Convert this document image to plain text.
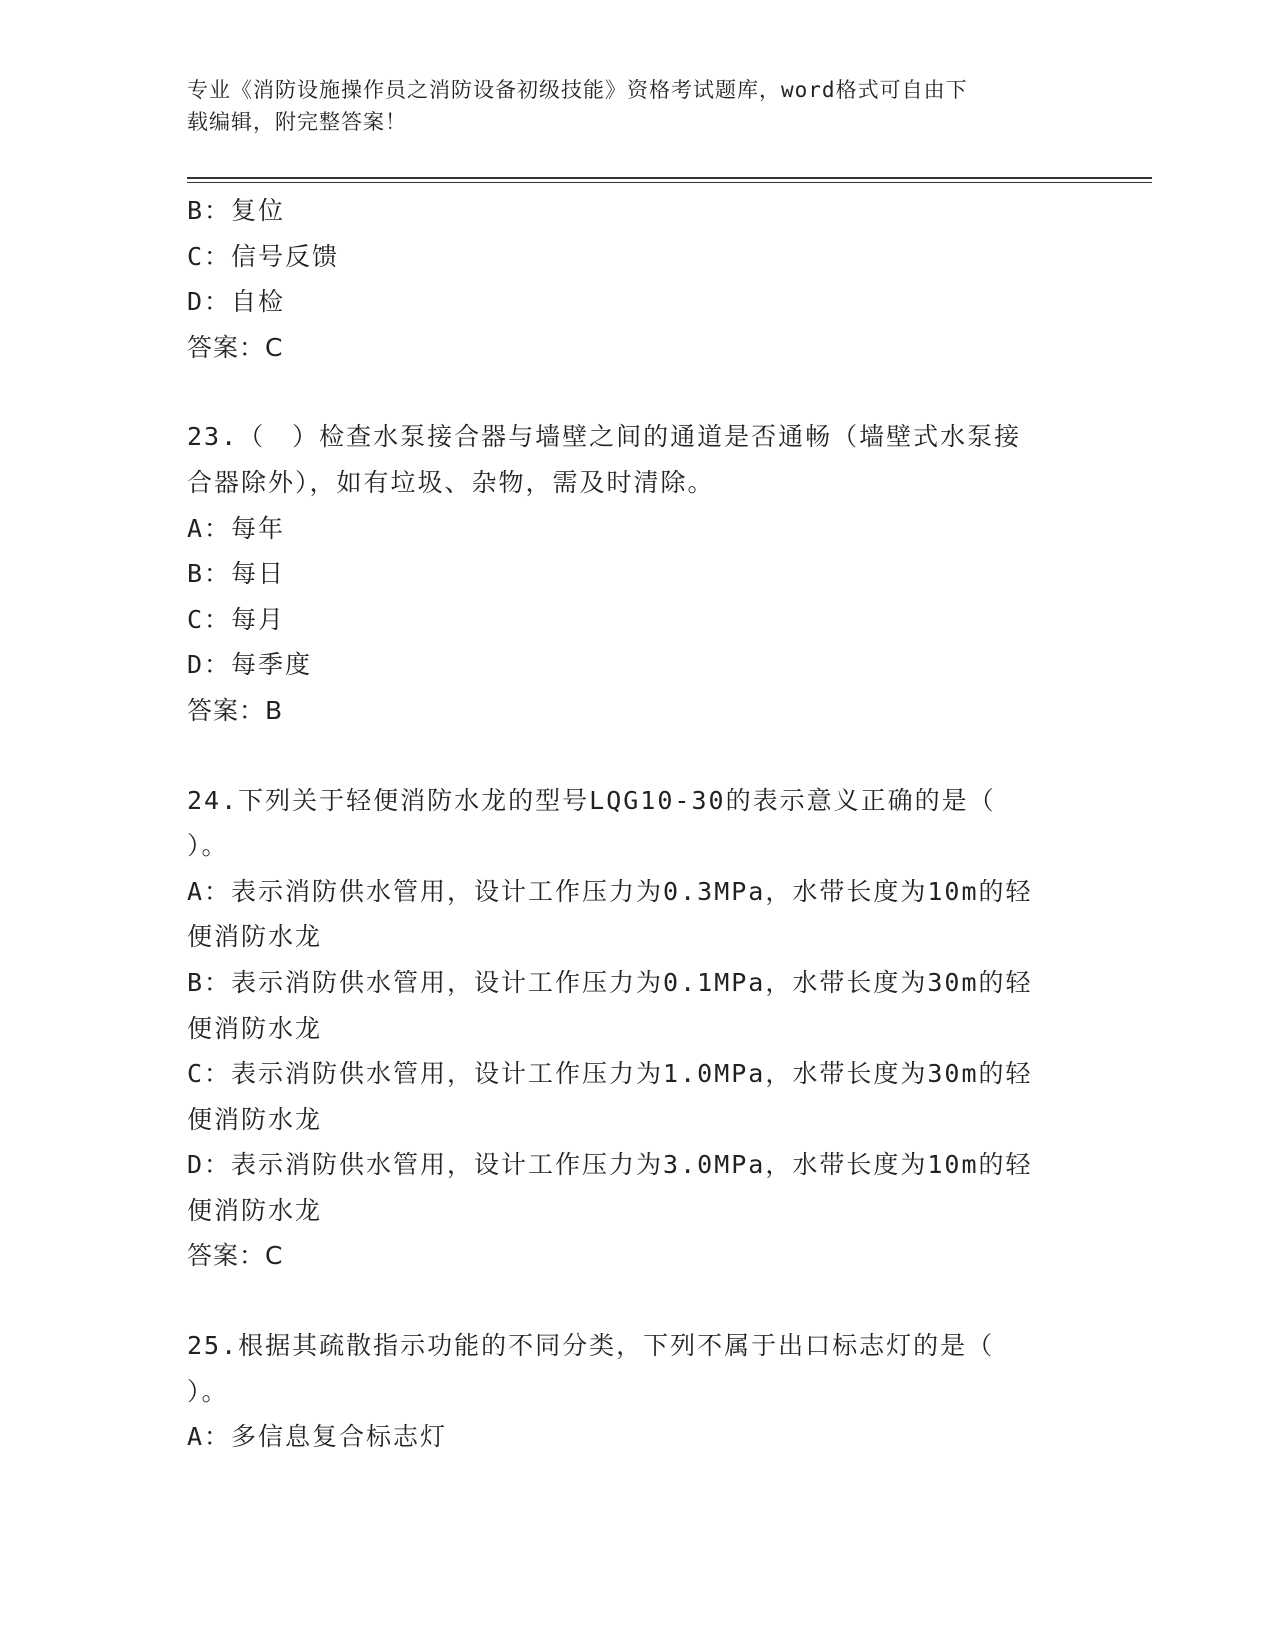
专业《消防设施操作员之消防设备初级技能》资格考试题库，word格式可自由下
载编辑，附完整答案！

B：复位

C：信号反馈

D：自检

答案：C

23.（　）检查水泵接合器与墙壁之间的通道是否通畅（墙壁式水泵接

合器除外），如有垃圾、杂物，需及时清除。

A：每年

B：每日

C：每月

D：每季度

答案：B

24.下列关于轻便消防水龙的型号LQG10-30的表示意义正确的是（

）。

A：表示消防供水管用，设计工作压力为0.3MPa，水带长度为10m的轻

便消防水龙

B：表示消防供水管用，设计工作压力为0.1MPa，水带长度为30m的轻

便消防水龙

C：表示消防供水管用，设计工作压力为1.0MPa，水带长度为30m的轻

便消防水龙

D：表示消防供水管用，设计工作压力为3.0MPa，水带长度为10m的轻

便消防水龙

答案：C

25.根据其疏散指示功能的不同分类，下列不属于出口标志灯的是（

）。

A：多信息复合标志灯
